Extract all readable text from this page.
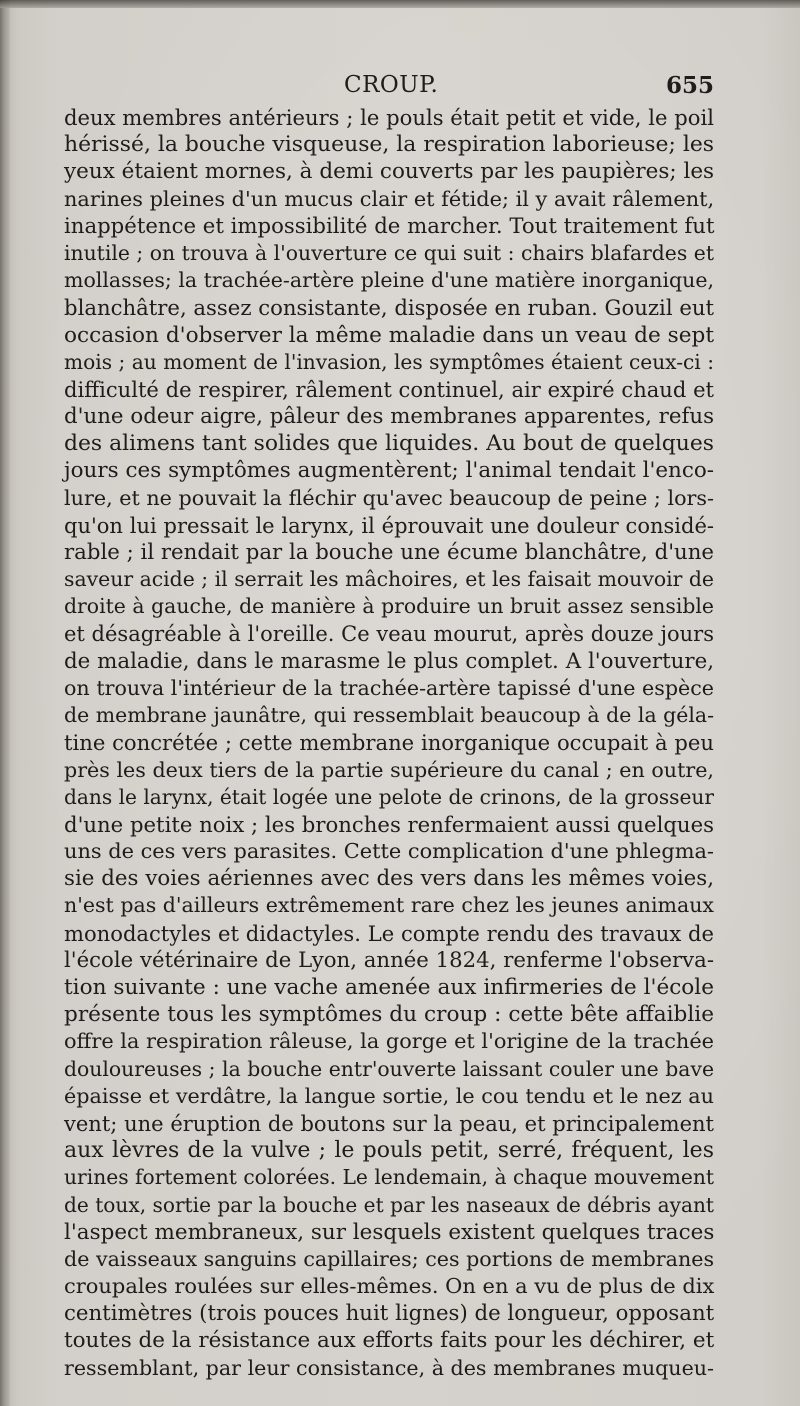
CROUP.	655
deux membres antérieurs ; le pouls était petit et vide, le poil
hérissé, la bouche visqueuse, la respiration laborieuse; les
yeux étaient mornes, à demi couverts par les paupières; les
narines pleines d'un mucus clair et fétide; il y avait râlement,
inappétence et impossibilité de marcher. Tout traitement fut
inutile ; on trouva à l'ouverture ce qui suit : chairs blafardes et
mollasses; la trachée-artère pleine d'une matière inorganique,
blanchâtre, assez consistante, disposée en ruban. Gouzil eut
occasion d'observer la même maladie dans un veau de sept
mois ; au moment de l'invasion, les symptômes étaient ceux-ci :
difficulté de respirer, râlement continuel, air expiré chaud et
d'une odeur aigre, pâleur des membranes apparentes, refus
des alimens tant solides que liquides. Au bout de quelques
jours ces symptômes augmentèrent; l'animal tendait l'enco-
lure, et ne pouvait la fléchir qu'avec beaucoup de peine ; lors-
qu'on lui pressait le larynx, il éprouvait une douleur considé-
rable ; il rendait par la bouche une écume blanchâtre, d'une
saveur acide ; il serrait les mâchoires, et les faisait mouvoir de
droite à gauche, de manière à produire un bruit assez sensible
et désagréable à l'oreille. Ce veau mourut, après douze jours
de maladie, dans le marasme le plus complet. A l'ouverture,
on trouva l'intérieur de la trachée-artère tapissé d'une espèce
de membrane jaunâtre, qui ressemblait beaucoup à de la géla-
tine concrétée ; cette membrane inorganique occupait à peu
près les deux tiers de la partie supérieure du canal ; en outre,
dans le larynx, était logée une pelote de crinons, de la grosseur
d'une petite noix ; les bronches renfermaient aussi quelques
uns de ces vers parasites. Cette complication d'une phlegma-
sie des voies aériennes avec des vers dans les mêmes voies,
n'est pas d'ailleurs extrêmement rare chez les jeunes animaux
monodactyles et didactyles. Le compte rendu des travaux de
l'école vétérinaire de Lyon, année 1824, renferme l'observa-
tion suivante : une vache amenée aux infirmeries de l'école
présente tous les symptômes du croup : cette bête affaiblie
offre la respiration râleuse, la gorge et l'origine de la trachée
douloureuses ; la bouche entr'ouverte laissant couler une bave
épaisse et verdâtre, la langue sortie, le cou tendu et le nez au
vent; une éruption de boutons sur la peau, et principalement
aux lèvres de la vulve ; le pouls petit, serré, fréquent, les
urines fortement colorées. Le lendemain, à chaque mouvement
de toux, sortie par la bouche et par les naseaux de débris ayant
l'aspect membraneux, sur lesquels existent quelques traces
de vaisseaux sanguins capillaires; ces portions de membranes
croupales roulées sur elles-mêmes. On en a vu de plus de dix
centimètres (trois pouces huit lignes) de longueur, opposant
toutes de la résistance aux efforts faits pour les déchirer, et
ressemblant, par leur consistance, à des membranes muqueu-
